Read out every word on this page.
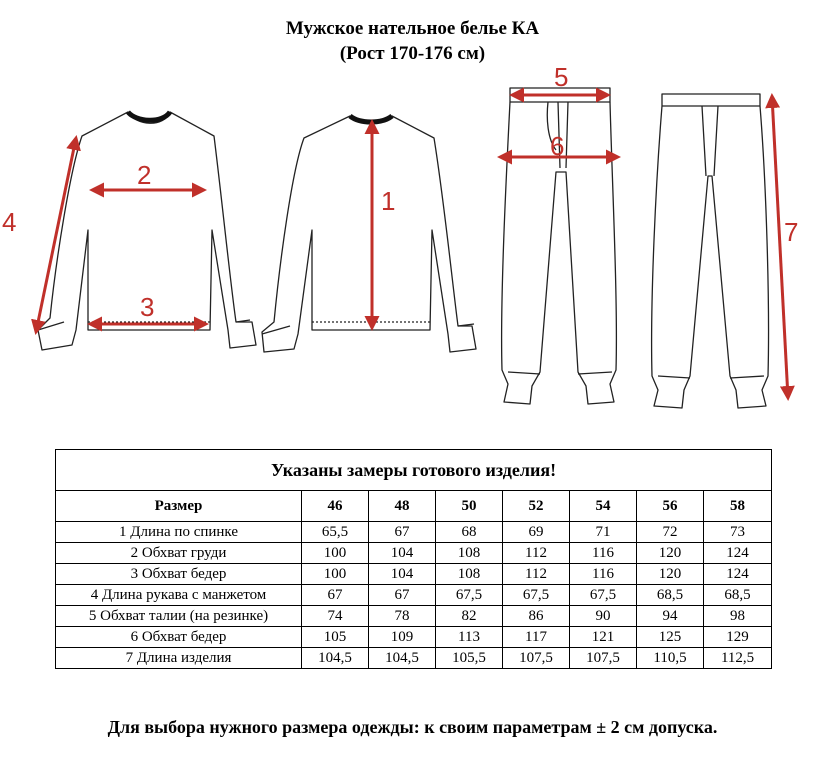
Мужское нательное белье КА
(Рост 170-176 см)
1
2
3
4
5
6
7
Указаны замеры готового изделия!							
Размер	46	48	50	52	54	56	58
1 Длина по спинке	65,5	67	68	69	71	72	73
2 Обхват груди	100	104	108	112	116	120	124
3 Обхват бедер	100	104	108	112	116	120	124
4 Длина рукава с манжетом	67	67	67,5	67,5	67,5	68,5	68,5
5 Обхват талии (на резинке)	74	78	82	86	90	94	98
6 Обхват бедер	105	109	113	117	121	125	129
7 Длина изделия	104,5	104,5	105,5	107,5	107,5	110,5	112,5
Для выбора нужного размера одежды: к своим параметрам ± 2 см допуска.
